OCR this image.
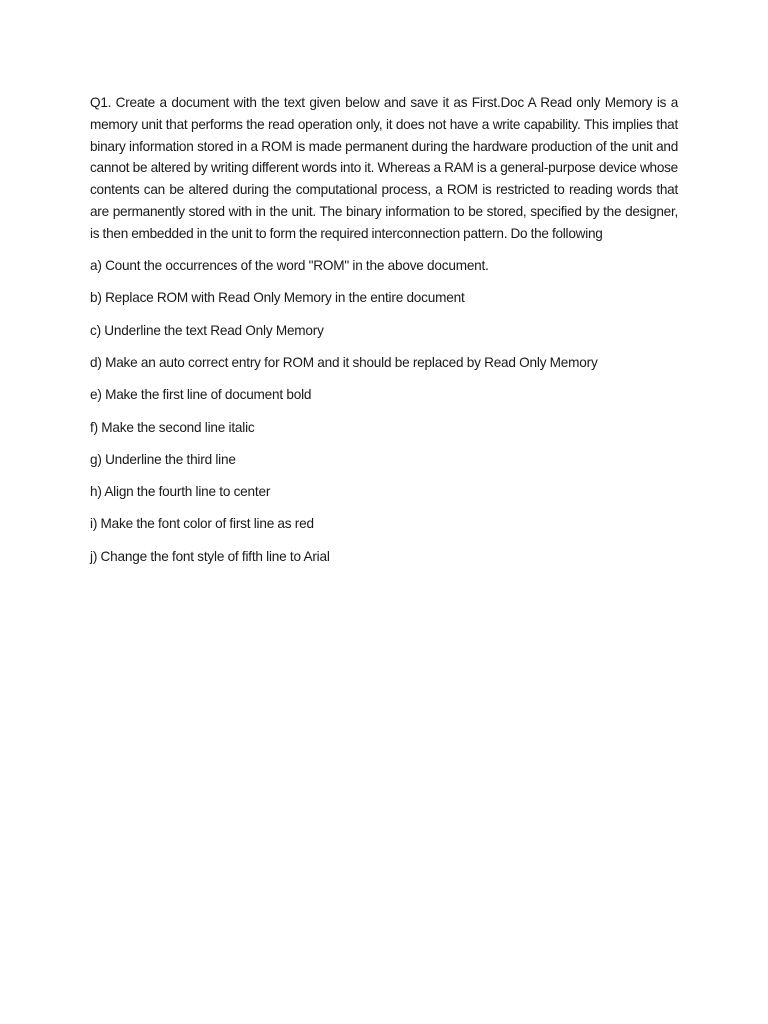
Q1. Create a document with the text given below and save it as First.Doc A Read only Memory is a memory unit that performs the read operation only, it does not have a write capability. This implies that binary information stored in a ROM is made permanent during the hardware production of the unit and cannot be altered by writing different words into it. Whereas a RAM is a general-purpose device whose contents can be altered during the computational process, a ROM is restricted to reading words that are permanently stored with in the unit. The binary information to be stored, specified by the designer, is then embedded in the unit to form the required interconnection pattern. Do the following

a) Count the occurrences of the word "ROM" in the above document.
b) Replace ROM with Read Only Memory in the entire document
c) Underline the text Read Only Memory
d) Make an auto correct entry for ROM and it should be replaced by Read Only Memory
e) Make the first line of document bold
f) Make the second line italic
g) Underline the third line
h) Align the fourth line to center
i) Make the font color of first line as red
j) Change the font style of fifth line to Arial
